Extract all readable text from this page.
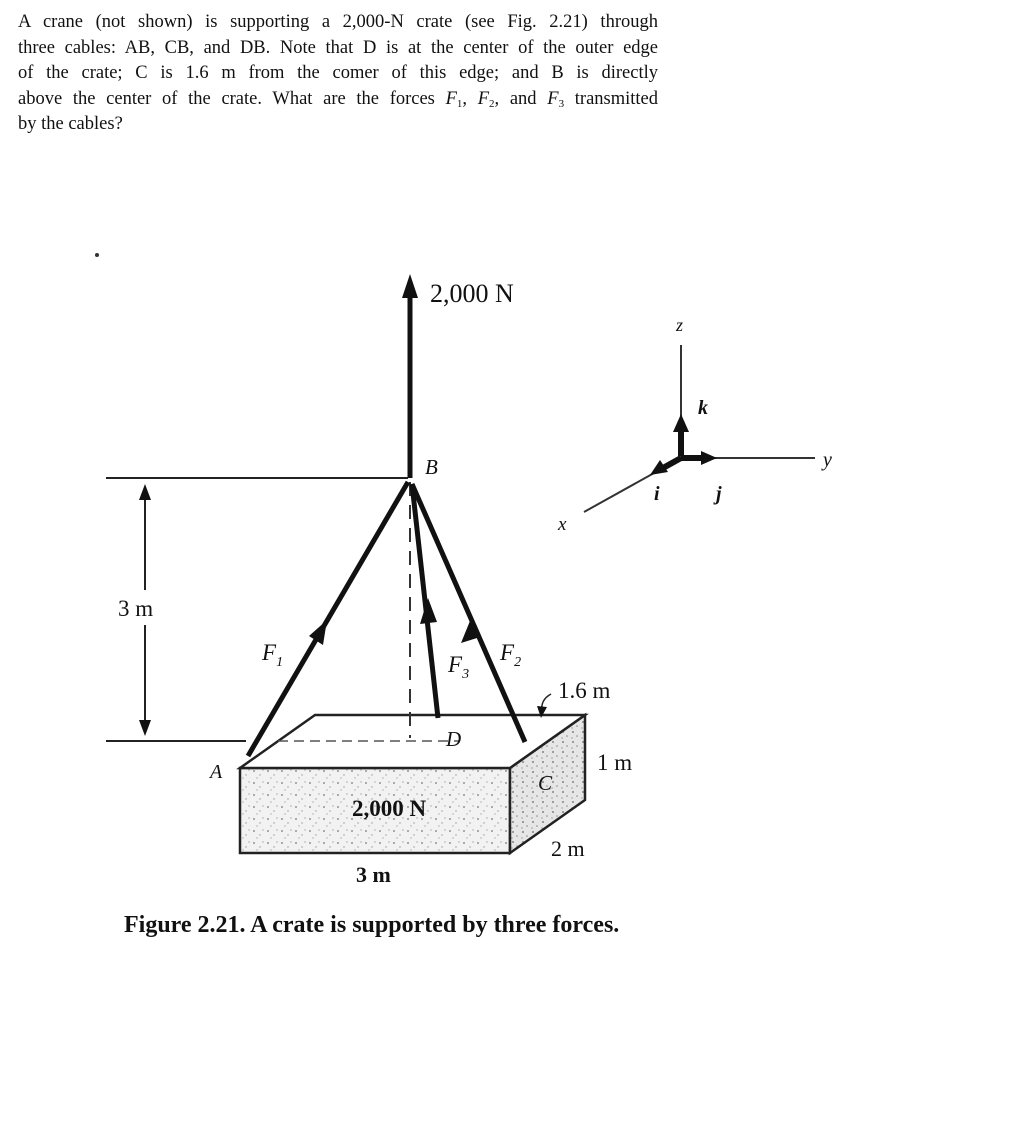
A crane (not shown) is supporting a 2,000-N crate (see Fig. 2.21) through
three cables: AB, CB, and DB. Note that D is at the center of the outer edge
of the crate; C is 1.6 m from the comer of this edge; and B is directly
above the center of the crate. What are the forces $F_1$, $F_2$, and $F_3$ transmitted
by the cables?
2,000 N
3 m
B
A
D
C
$F_1$	$F_3$
$F_2$
1.6 m
1 m
2 m
3 m
2,000 N
z
y
x
k
j
i
Figure 2.21. A crate is supported by three forces.
